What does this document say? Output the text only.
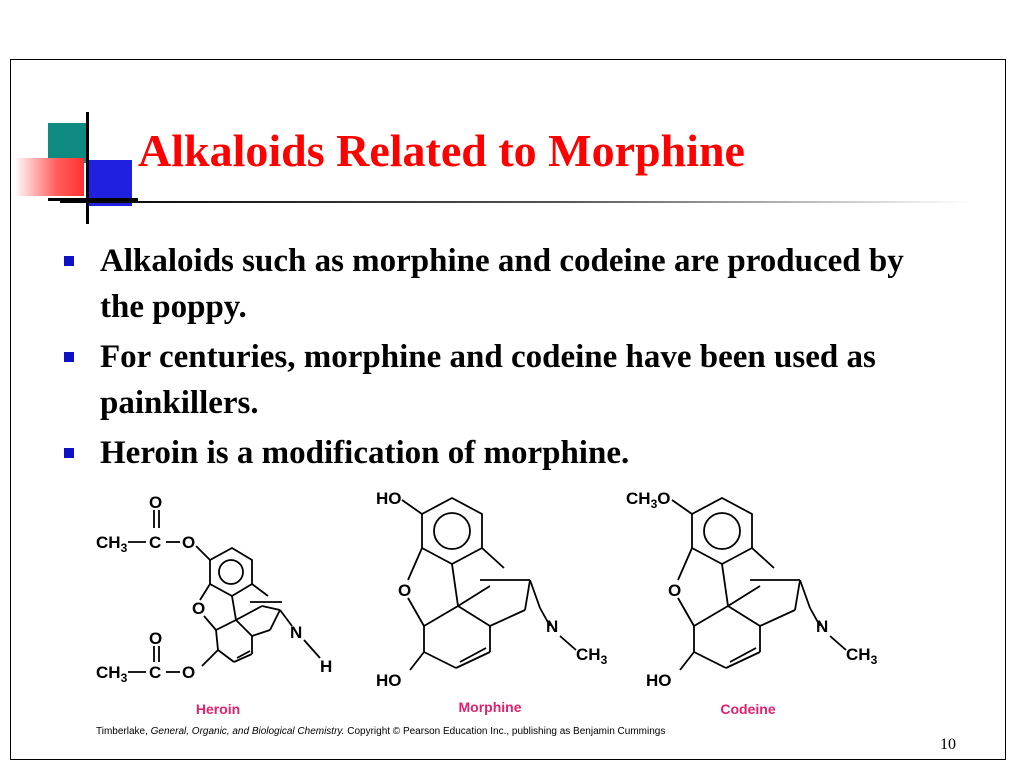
Alkaloids Related to Morphine
Alkaloids such as morphine and codeine are produced by the poppy.
For centuries, morphine and codeine have been used as painkillers.
Heroin is a modification of morphine.
O
$CH_3$ C O
O
N
H
O
$CH_3$ C O
HO
O
N
$CH_3$
HO
$CH_3O$
O
N
$CH_3$
HO
Heroin	Morphine	Codeine
Timberlake, General, Organic, and Biological Chemistry. Copyright © Pearson Education Inc., publishing as Benjamin Cummings
10
